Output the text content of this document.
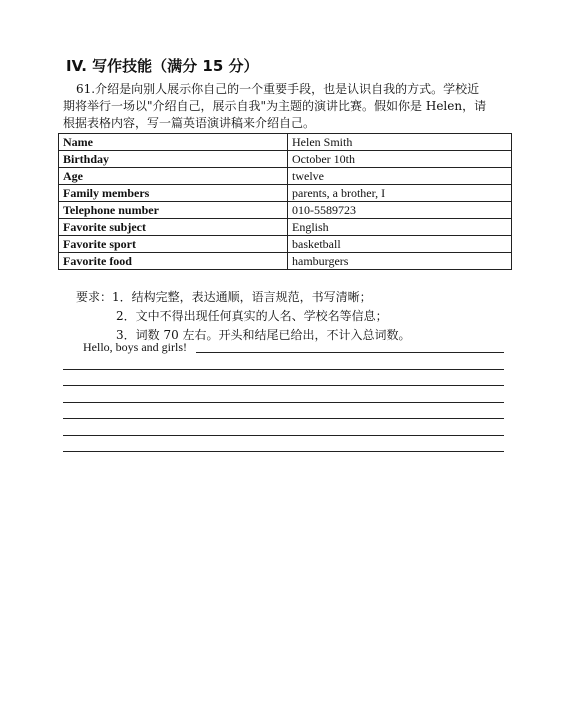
IV. 写作技能（满分 15 分）
61.介绍是向别人展示你自己的一个重要手段，也是认识自我的方式。学校近
期将举行一场以"介绍自己，展示自我"为主题的演讲比赛。假如你是 Helen，请
根据表格内容，写一篇英语演讲稿来介绍自己。
Name	Helen Smith
Birthday	October 10th
Age	twelve
Family members	parents, a brother, I
Telephone number	010-5589723
Favorite subject	English
Favorite sport	basketball
Favorite food	hamburgers
要求：1．结构完整，表达通顺，语言规范，书写清晰；
2．文中不得出现任何真实的人名、学校名等信息；
3．词数 70 左右。开头和结尾已给出，不计入总词数。
Hello, boys and girls!
